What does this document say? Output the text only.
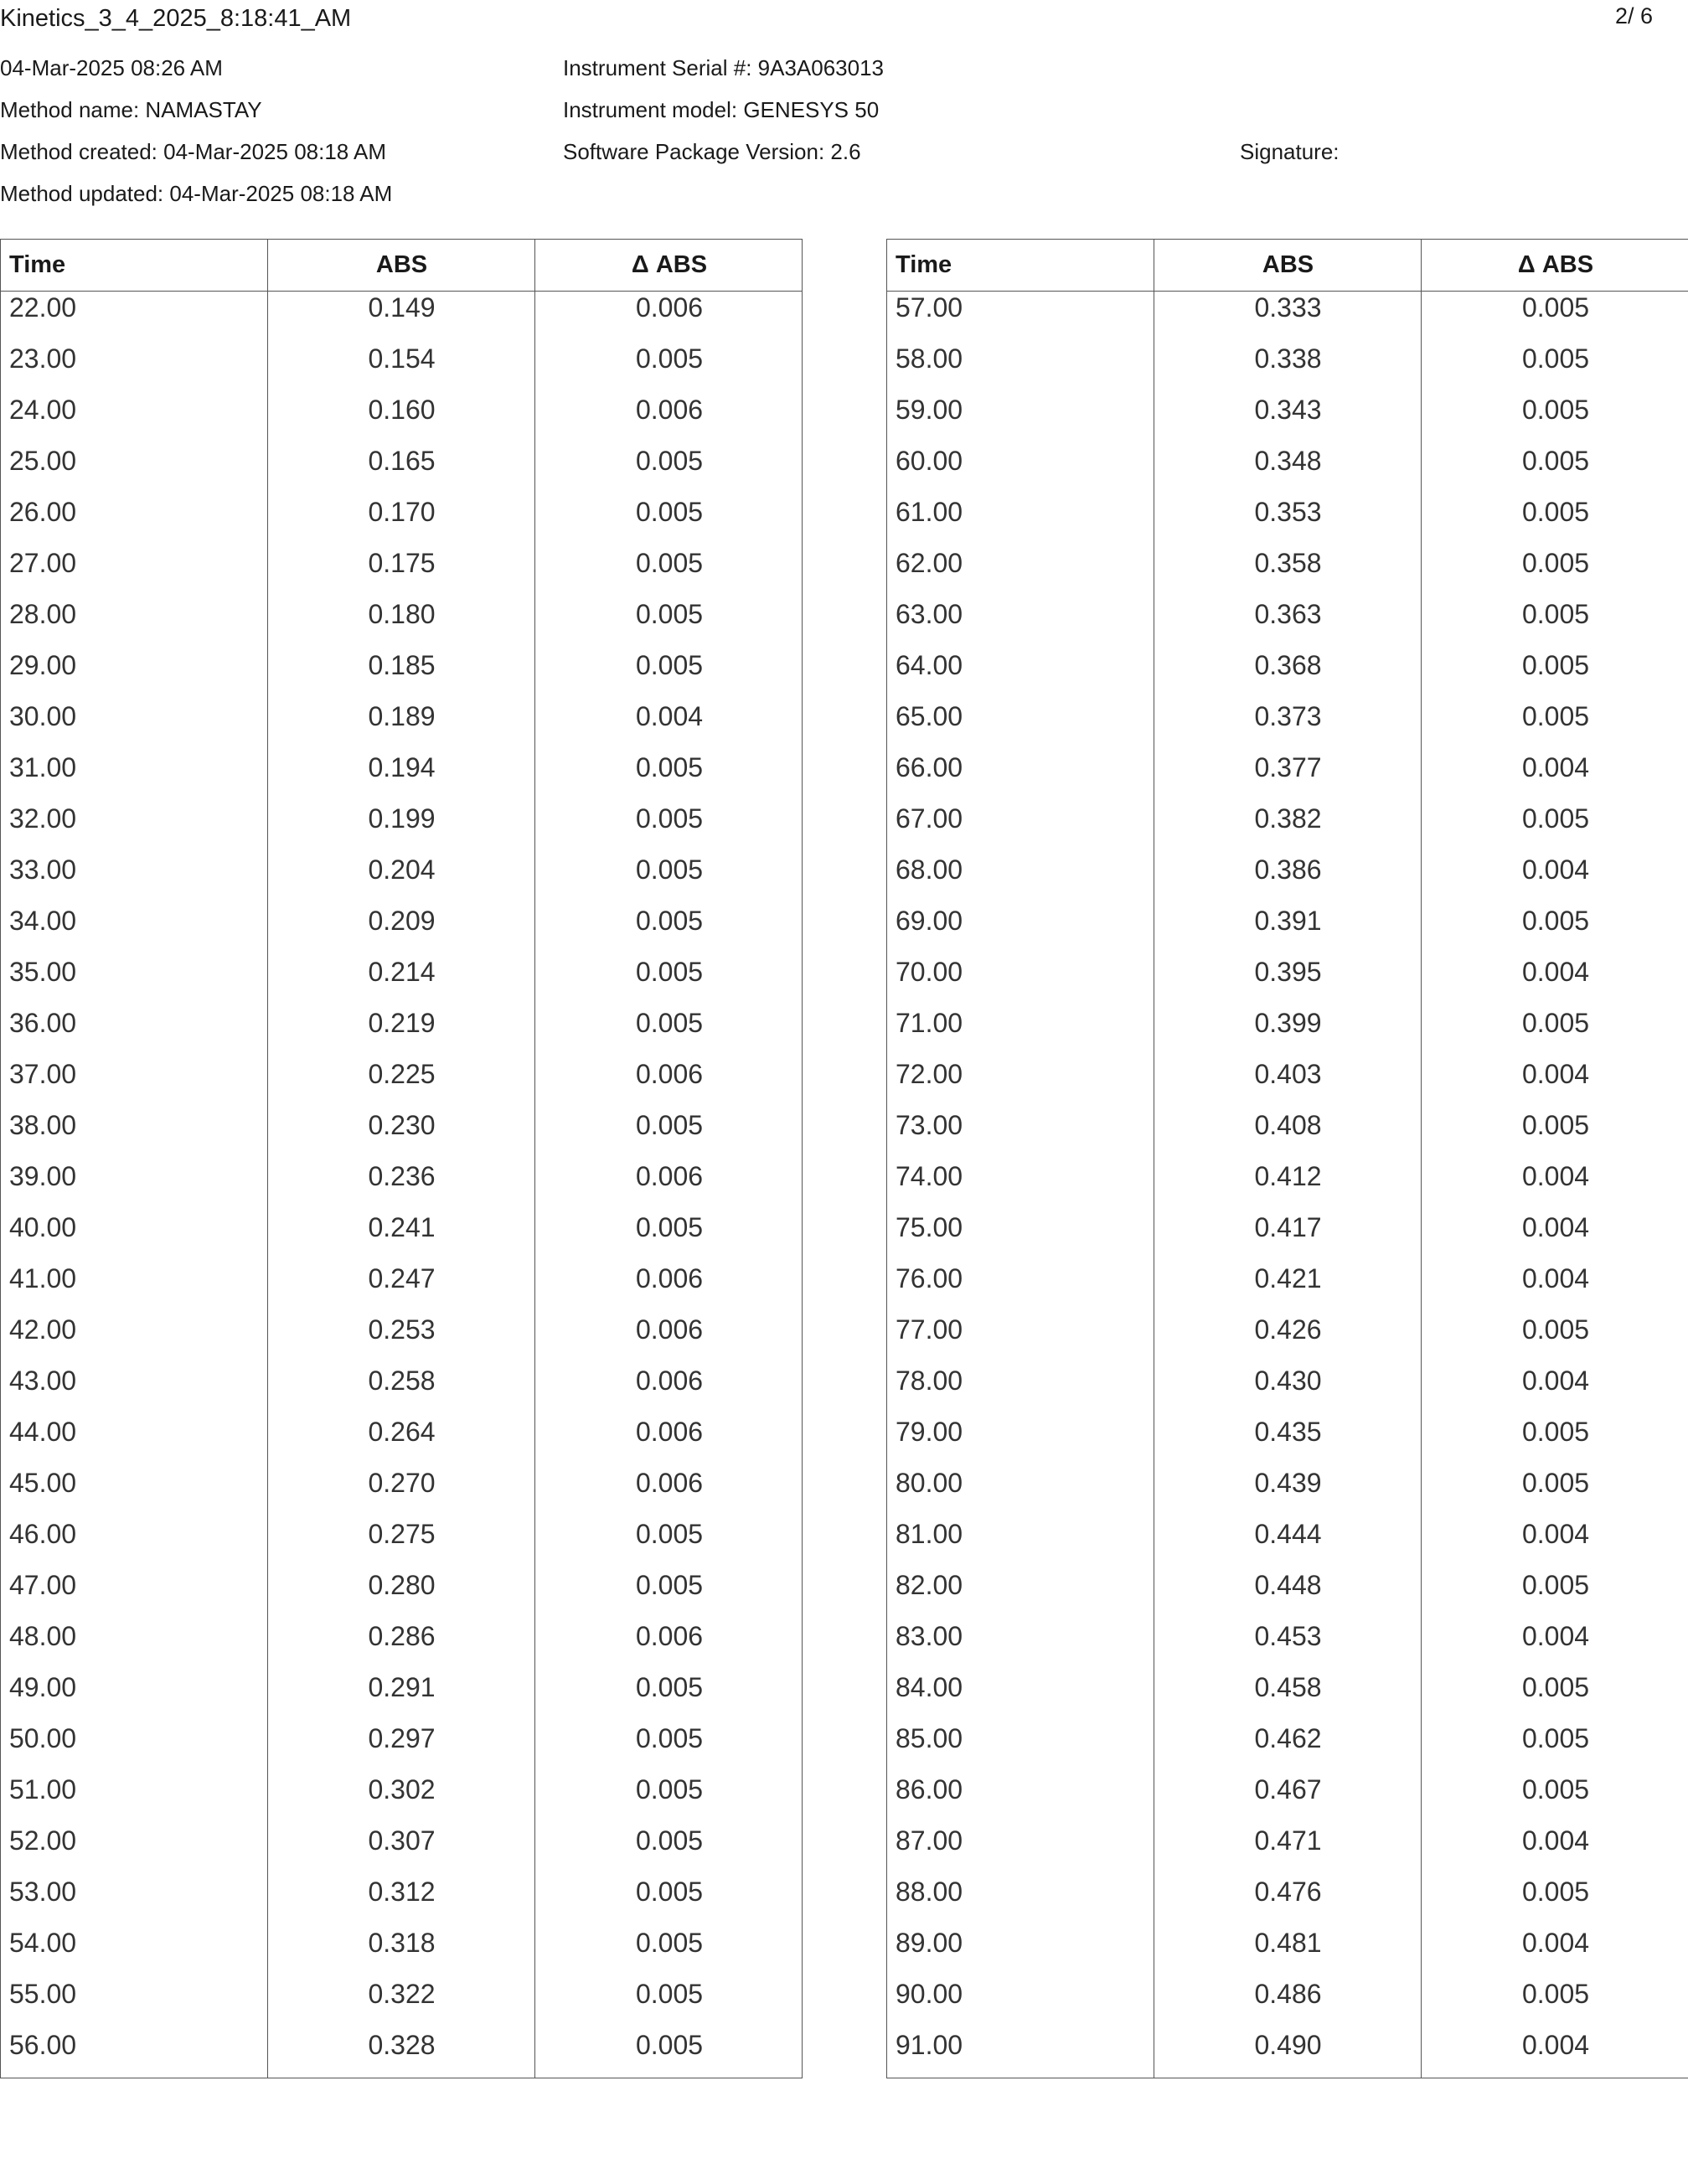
Kinetics_3_4_2025_8:18:41_AM	2/ 6
04-Mar-2025 08:26 AM
Method name: NAMASTAY
Method created: 04-Mar-2025 08:18 AM
Method updated: 04-Mar-2025 08:18 AM
Instrument Serial #: 9A3A063013
Instrument model: GENESYS 50
Software Package Version: 2.6	Signature:
Time	ABS	Δ ABS
22.00	0.149	0.006
23.00	0.154	0.005
24.00	0.160	0.006
25.00	0.165	0.005
26.00	0.170	0.005
27.00	0.175	0.005
28.00	0.180	0.005
29.00	0.185	0.005
30.00	0.189	0.004
31.00	0.194	0.005
32.00	0.199	0.005
33.00	0.204	0.005
34.00	0.209	0.005
35.00	0.214	0.005
36.00	0.219	0.005
37.00	0.225	0.006
38.00	0.230	0.005
39.00	0.236	0.006
40.00	0.241	0.005
41.00	0.247	0.006
42.00	0.253	0.006
43.00	0.258	0.006
44.00	0.264	0.006
45.00	0.270	0.006
46.00	0.275	0.005
47.00	0.280	0.005
48.00	0.286	0.006
49.00	0.291	0.005
50.00	0.297	0.005
51.00	0.302	0.005
52.00	0.307	0.005
53.00	0.312	0.005
54.00	0.318	0.005
55.00	0.322	0.005
56.00	0.328	0.005
Time	ABS	Δ ABS
57.00	0.333	0.005
58.00	0.338	0.005
59.00	0.343	0.005
60.00	0.348	0.005
61.00	0.353	0.005
62.00	0.358	0.005
63.00	0.363	0.005
64.00	0.368	0.005
65.00	0.373	0.005
66.00	0.377	0.004
67.00	0.382	0.005
68.00	0.386	0.004
69.00	0.391	0.005
70.00	0.395	0.004
71.00	0.399	0.005
72.00	0.403	0.004
73.00	0.408	0.005
74.00	0.412	0.004
75.00	0.417	0.004
76.00	0.421	0.004
77.00	0.426	0.005
78.00	0.430	0.004
79.00	0.435	0.005
80.00	0.439	0.005
81.00	0.444	0.004
82.00	0.448	0.005
83.00	0.453	0.004
84.00	0.458	0.005
85.00	0.462	0.005
86.00	0.467	0.005
87.00	0.471	0.004
88.00	0.476	0.005
89.00	0.481	0.004
90.00	0.486	0.005
91.00	0.490	0.004
